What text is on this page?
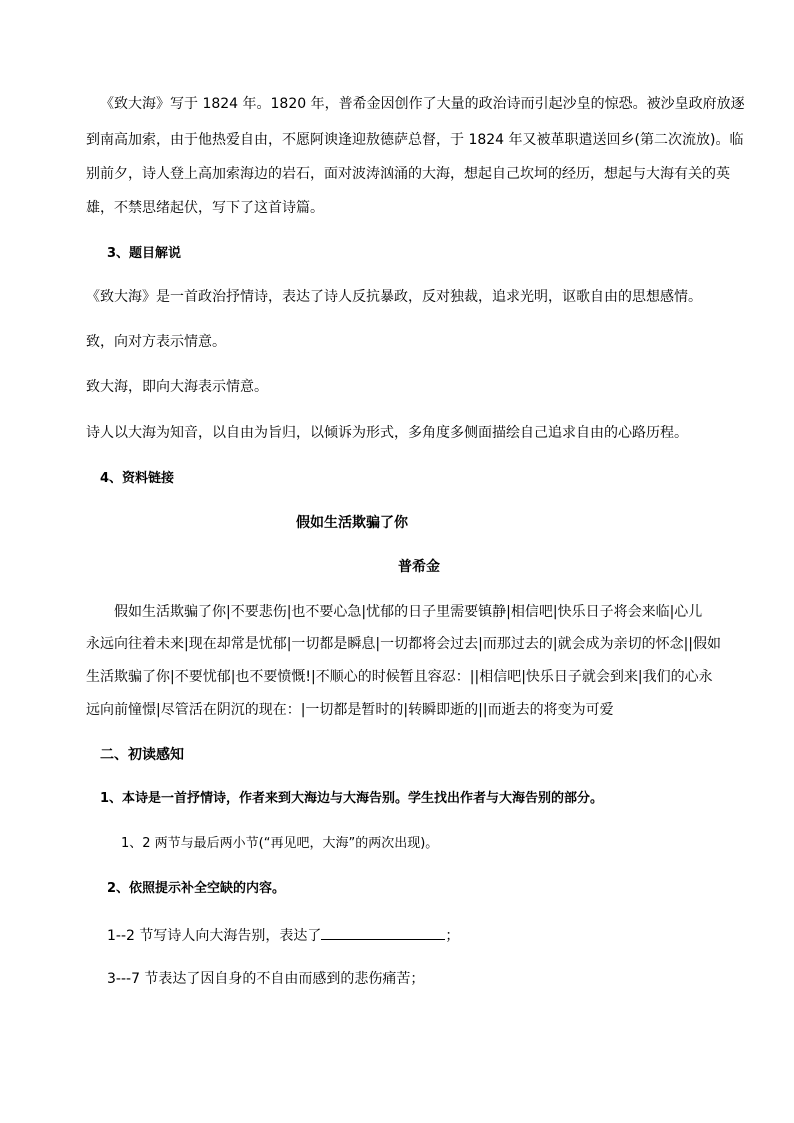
《致大海》写于 1824 年。1820 年，普希金因创作了大量的政治诗而引起沙皇的惊恐。被沙皇政府放逐
到南高加索，由于他热爱自由，不愿阿谀逢迎敖德萨总督，于 1824 年又被革职遣送回乡(第二次流放)。临
别前夕，诗人登上高加索海边的岩石，面对波涛汹涌的大海，想起自己坎坷的经历，想起与大海有关的英
雄，不禁思绪起伏，写下了这首诗篇。
3、题目解说
《致大海》是一首政治抒情诗，表达了诗人反抗暴政，反对独裁，追求光明，讴歌自由的思想感情。
致，向对方表示情意。
致大海，即向大海表示情意。
诗人以大海为知音，以自由为旨归，以倾诉为形式，多角度多侧面描绘自己追求自由的心路历程。
4、资料链接
假如生活欺骗了你
普希金
假如生活欺骗了你|不要悲伤|也不要心急|忧郁的日子里需要镇静|相信吧|快乐日子将会来临|心儿
永远向往着未来|现在却常是忧郁|一切都是瞬息|一切都将会过去|而那过去的|就会成为亲切的怀念||假如
生活欺骗了你|不要忧郁|也不要愤慨!|不顺心的时候暂且容忍：||相信吧|快乐日子就会到来|我们的心永
远向前憧憬|尽管活在阴沉的现在：|一切都是暂时的|转瞬即逝的||而逝去的将变为可爱
二、初读感知
1、本诗是一首抒情诗，作者来到大海边与大海告别。学生找出作者与大海告别的部分。
1、2 两节与最后两小节(“再见吧，大海”的两次出现)。
2、依照提示补全空缺的内容。
1--2 节写诗人向大海告别，表达了	；
3---7 节表达了因自身的不自由而感到的悲伤痛苦；
